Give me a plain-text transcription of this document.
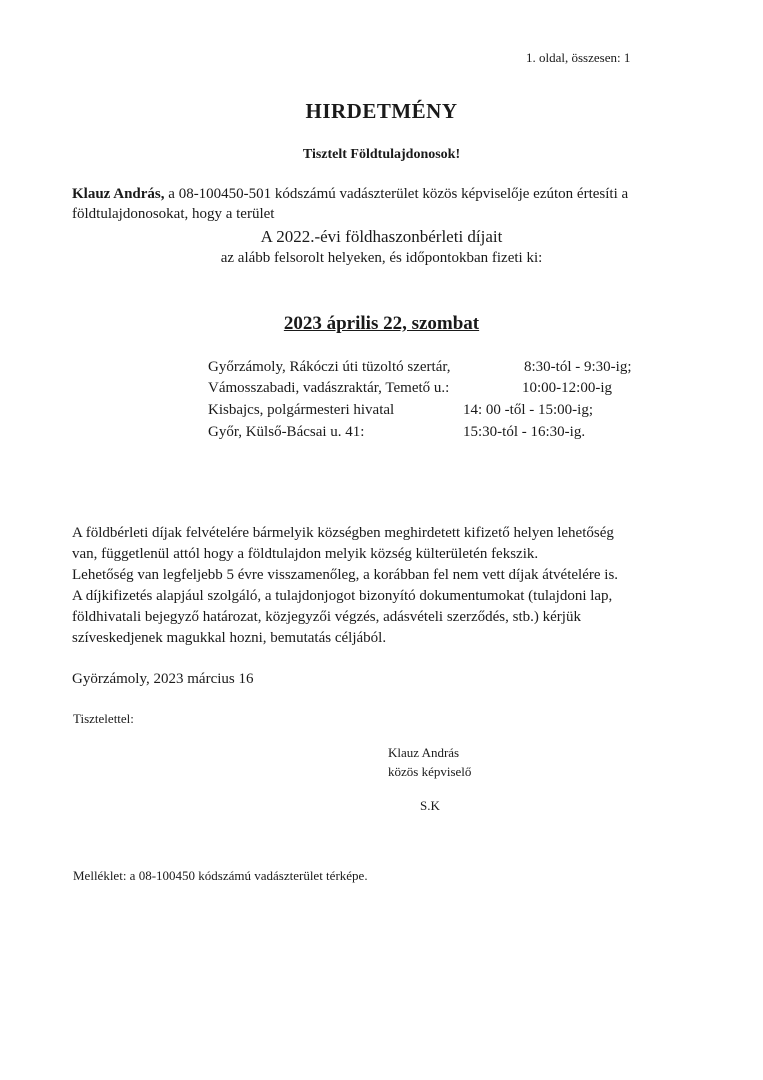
1. oldal, összesen: 1
HIRDETMÉNY
Tisztelt Földtulajdonosok!
Klauz András, a 08-100450-501 kódszámú vadászterület közös képviselője ezúton értesíti a
földtulajdonosokat, hogy a terület
A 2022.-évi földhaszonbérleti díjait
az alább felsorolt helyeken, és időpontokban fizeti ki:
2023 április 22, szombat
Győrzámoly, Rákóczi úti tüzoltó szertár,	8:30-tól - 9:30-ig;
Vámosszabadi, vadászraktár, Temető u.:	10:00-12:00-ig
Kisbajcs, polgármesteri hivatal	14: 00 -től - 15:00-ig;
Győr, Külső-Bácsai u. 41:	15:30-tól - 16:30-ig.
A földbérleti díjak felvételére bármelyik községben meghirdetett kifizető helyen lehetőség
van, függetlenül attól hogy a földtulajdon melyik község külterületén fekszik.
Lehetőség van legfeljebb 5 évre visszamenőleg, a korábban fel nem vett díjak átvételére is.
A díjkifizetés alapjául szolgáló, a tulajdonjogot bizonyító dokumentumokat (tulajdoni lap,
földhivatali bejegyző határozat, közjegyzői végzés, adásvételi szerződés, stb.) kérjük
szíveskedjenek magukkal hozni, bemutatás céljából.
Györzámoly, 2023 március 16
Tisztelettel:
Klauz András
közös képviselő
S.K
Melléklet: a 08-100450 kódszámú vadászterület térképe.
